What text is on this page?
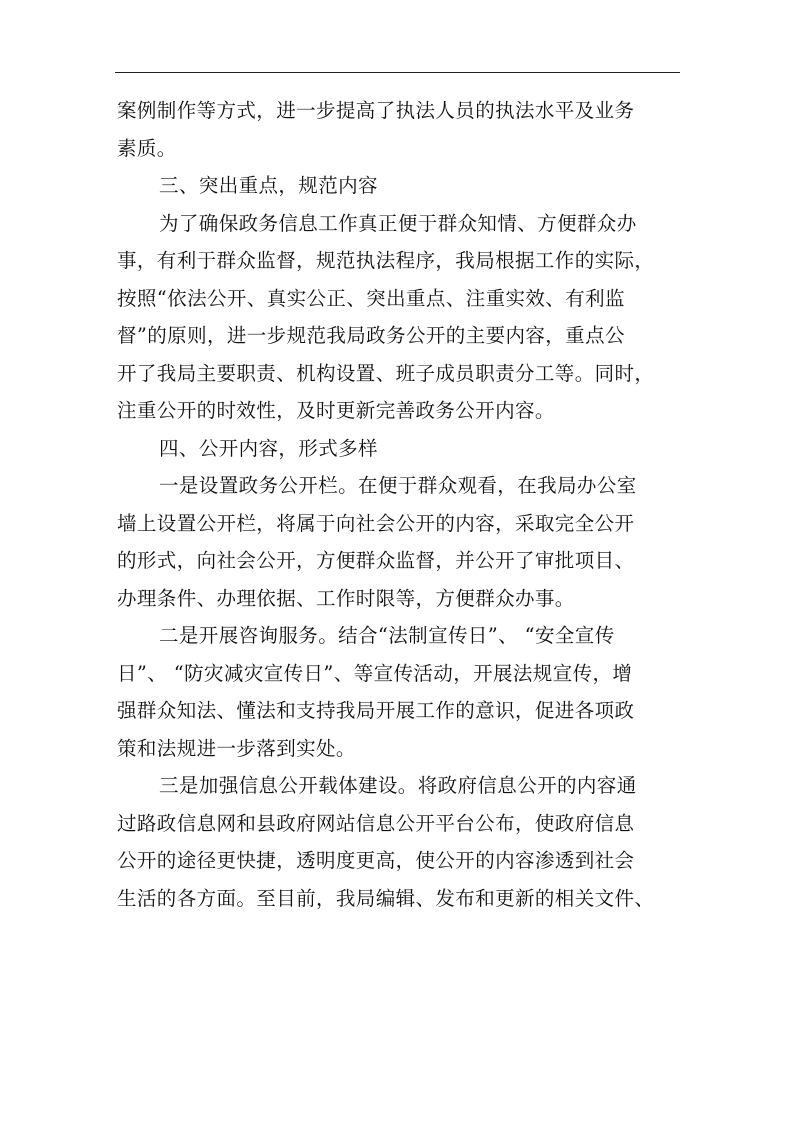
案例制作等方式，进一步提高了执法人员的执法水平及业务
素质。
三、突出重点，规范内容
为了确保政务信息工作真正便于群众知情、方便群众办
事，有利于群众监督，规范执法程序，我局根据工作的实际，
按照“依法公开、真实公正、突出重点、注重实效、有利监
督”的原则，进一步规范我局政务公开的主要内容，重点公
开了我局主要职责、机构设置、班子成员职责分工等。同时，
注重公开的时效性，及时更新完善政务公开内容。
四、公开内容，形式多样
一是设置政务公开栏。在便于群众观看，在我局办公室
墙上设置公开栏，将属于向社会公开的内容，采取完全公开
的形式，向社会公开，方便群众监督，并公开了审批项目、
办理条件、办理依据、工作时限等，方便群众办事。
二是开展咨询服务。结合“法制宣传日”、 “安全宣传
日”、 “防灾减灾宣传日”、等宣传活动，开展法规宣传，增
强群众知法、懂法和支持我局开展工作的意识，促进各项政
策和法规进一步落到实处。
三是加强信息公开载体建设。将政府信息公开的内容通
过路政信息网和县政府网站信息公开平台公布，使政府信息
公开的途径更快捷，透明度更高，使公开的内容渗透到社会
生活的各方面。至目前，我局编辑、发布和更新的相关文件、
